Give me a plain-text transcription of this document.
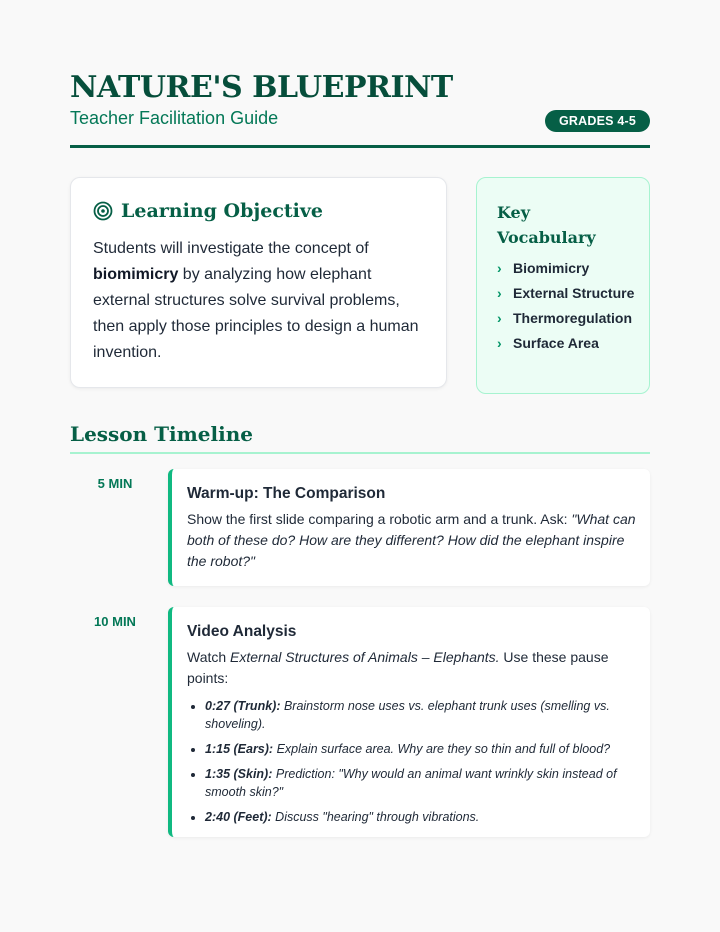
NATURE'S BLUEPRINT
Teacher Facilitation Guide	GRADES 4-5
Learning Objective

Students will investigate the concept of biomimicry by analyzing how elephant external structures solve survival problems, then apply those principles to design a human invention.

Key Vocabulary
› Biomimicry
› External Structure
› Thermoregulation
› Surface Area
Lesson Timeline
5 MIN
Warm-up: The Comparison

Show the first slide comparing a robotic arm and a trunk. Ask: "What can both of these do? How are they different? How did the elephant inspire the robot?"

10 MIN
Video Analysis

Watch External Structures of Animals – Elephants. Use these pause points:

• 0:27 (Trunk): Brainstorm nose uses vs. elephant trunk uses (smelling vs. shoveling).
• 1:15 (Ears): Explain surface area. Why are they so thin and full of blood?
• 1:35 (Skin): Prediction: "Why would an animal want wrinkly skin instead of smooth skin?"
• 2:40 (Feet): Discuss "hearing" through vibrations.
